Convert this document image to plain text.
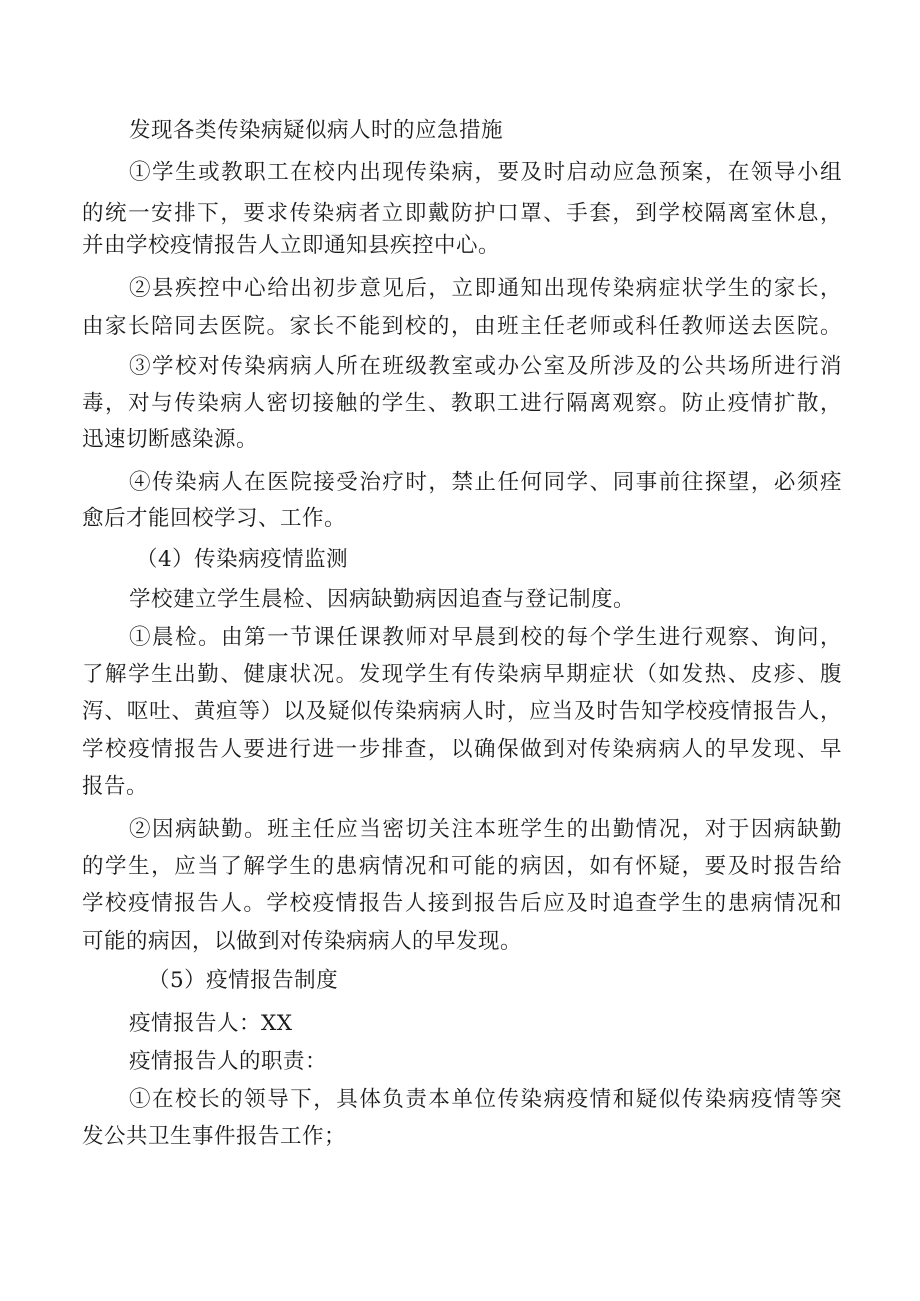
发现各类传染病疑似病人时的应急措施
①学生或教职工在校内出现传染病，要及时启动应急预案，在领导小组
的统一安排下，要求传染病者立即戴防护口罩、手套，到学校隔离室休息，
并由学校疫情报告人立即通知县疾控中心。
②县疾控中心给出初步意见后，立即通知出现传染病症状学生的家长，
由家长陪同去医院。家长不能到校的，由班主任老师或科任教师送去医院。
③学校对传染病病人所在班级教室或办公室及所涉及的公共场所进行消
毒，对与传染病人密切接触的学生、教职工进行隔离观察。防止疫情扩散，
迅速切断感染源。
④传染病人在医院接受治疗时，禁止任何同学、同事前往探望，必须痊
愈后才能回校学习、工作。
（4）传染病疫情监测
学校建立学生晨检、因病缺勤病因追查与登记制度。
①晨检。由第一节课任课教师对早晨到校的每个学生进行观察、询问，
了解学生出勤、健康状况。发现学生有传染病早期症状（如发热、皮疹、腹
泻、呕吐、黄疸等）以及疑似传染病病人时，应当及时告知学校疫情报告人，
学校疫情报告人要进行进一步排查，以确保做到对传染病病人的早发现、早
报告。
②因病缺勤。班主任应当密切关注本班学生的出勤情况，对于因病缺勤
的学生，应当了解学生的患病情况和可能的病因，如有怀疑，要及时报告给
学校疫情报告人。学校疫情报告人接到报告后应及时追查学生的患病情况和
可能的病因，以做到对传染病病人的早发现。
（5）疫情报告制度
疫情报告人：XX
疫情报告人的职责：
①在校长的领导下，具体负责本单位传染病疫情和疑似传染病疫情等突
发公共卫生事件报告工作；
